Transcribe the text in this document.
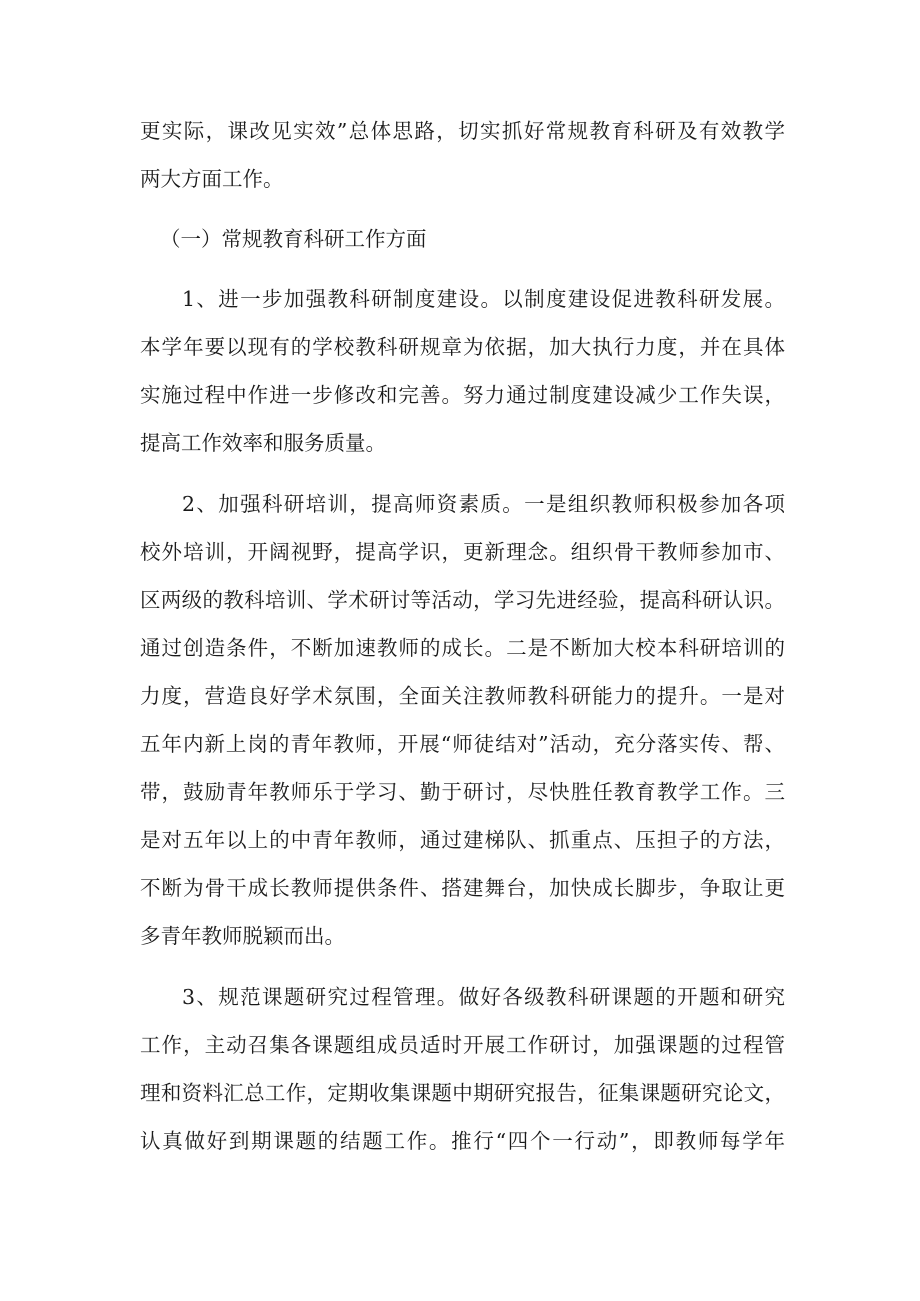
更实际，课改见实效”总体思路，切实抓好常规教育科研及有效教学
两大方面工作。
（一）常规教育科研工作方面
1、进一步加强教科研制度建设。以制度建设促进教科研发展。
本学年要以现有的学校教科研规章为依据，加大执行力度，并在具体
实施过程中作进一步修改和完善。努力通过制度建设减少工作失误，
提高工作效率和服务质量。
2、加强科研培训，提高师资素质。一是组织教师积极参加各项
校外培训，开阔视野，提高学识，更新理念。组织骨干教师参加市、
区两级的教科培训、学术研讨等活动，学习先进经验，提高科研认识。
通过创造条件，不断加速教师的成长。二是不断加大校本科研培训的
力度，营造良好学术氛围，全面关注教师教科研能力的提升。一是对
五年内新上岗的青年教师，开展“师徒结对”活动，充分落实传、帮、
带，鼓励青年教师乐于学习、勤于研讨，尽快胜任教育教学工作。三
是对五年以上的中青年教师，通过建梯队、抓重点、压担子的方法，
不断为骨干成长教师提供条件、搭建舞台，加快成长脚步，争取让更
多青年教师脱颖而出。
3、规范课题研究过程管理。做好各级教科研课题的开题和研究
工作，主动召集各课题组成员适时开展工作研讨，加强课题的过程管
理和资料汇总工作，定期收集课题中期研究报告，征集课题研究论文，
认真做好到期课题的结题工作。推行“四个一行动”，即教师每学年
